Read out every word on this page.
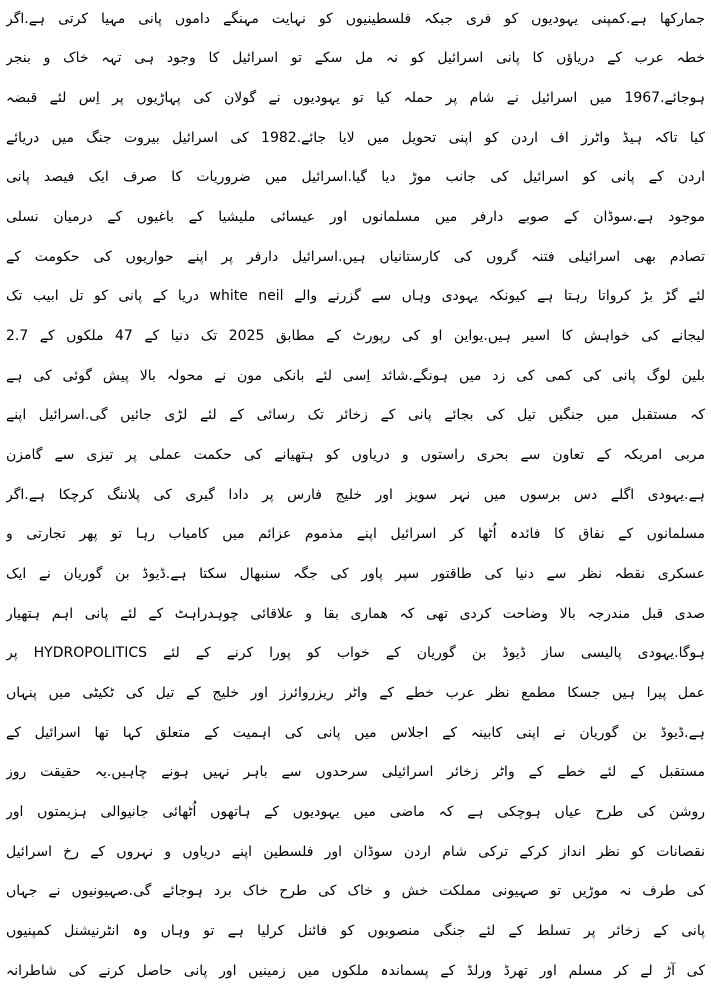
جمارکھا ہے.کمپنی یہودیوں کو فری جبکہ فلسطینیوں کو نہایت مہنگے داموں پانی مہیا کرتی ہے.اگر
خطہ عرب کے دریاؤں کا پانی اسرائیل کو نہ مل سکے تو اسرائیل کا وجود ہی تہہ خاک و بنجر
ہوجائے.1967 میں اسرائیل نے شام پر حملہ کیا تو یہودیوں نے گولان کی پہاڑیوں پر اِس لئے قبضہ
کیا تاکہ ہیڈ واٹرز اف اردن کو اپنی تحویل میں لایا جائے.1982 کی اسرائیل بیروت جنگ میں دریائے
اردن کے پانی کو اسرائیل کی جانب موڑ دیا گیا.اسرائیل میں ضروریات کا صرف ایک فیصد پانی
موجود ہے.سوڈان کے صوبے دارفر میں مسلمانوں اور عیسائی ملیشیا کے باغیوں کے درمیان نسلی
تصادم بھی اسرائیلی فتنہ گروں کی کارستانیاں ہیں.اسرائیل دارفر پر اپنے حواریوں کی حکومت کے
لئے گڑ بڑ کرواتا رہتا ہے کیونکہ یہودی وہاں سے گزرنے والے white neil دریا کے پانی کو تل ابیب تک
لیجانے کی خواہش کا اسیر ہیں.یواین او کی رپورٹ کے مطابق 2025 تک دنیا کے 47 ملکوں کے 2.7
بلین لوگ پانی کی کمی کی زد میں ہونگے.شائد اِسی لئے بانکی مون نے محولہ بالا پیش گوئی کی ہے
کہ مستقبل میں جنگیں تیل کی بجائے پانی کے زخائر تک رسائی کے لئے لڑی جائیں گی.اسرائیل اپنے
مربی امریکہ کے تعاون سے بحری راستوں و دریاوں کو ہتھیانے کی حکمت عملی پر تیزی سے گامزن
ہے.یہودی اگلے دس برسوں میں نہر سویز اور خلیج فارس پر دادا گیری کی پلاننگ کرچکا ہے.اگر
مسلمانوں کے نفاق کا فائدہ اُٹھا کر اسرائیل اپنے مذموم عزائم میں کامیاب رہا تو پھر تجارتی و
عسکری نقطہ نظر سے دنیا کی طاقتور سپر پاور کی جگہ سنبھال سکتا ہے.ڈیوڈ بن گوریان نے ایک
صدی قبل مندرجہ بالا وضاحت کردی تھی کہ ھماری بقا و علاقائی چوہدراہٹ کے لئے پانی اہم ہتھیار
ہوگا.یہودی پالیسی ساز ڈیوڈ بن گوریان کے خواب کو پورا کرنے کے لئے HYDROPOLITICS پر
عمل پیرا ہیں جسکا مطمع نظر عرب خطے کے واٹر ریزروائرز اور خلیج کے تیل کی ٹکیٹی میں پنہاں
ہے.ڈیوڈ بن گوریان نے اپنی کابینہ کے اجلاس میں پانی کی اہمیت کے متعلق کہا تھا اسرائیل کے
مستقبل کے لئے خطے کے واٹر زخائر اسرائیلی سرحدوں سے باہر نہیں ہونے چاہیں.یہ حقیقت روز
روشن کی طرح عیاں ہوچکی ہے کہ ماضی میں یہودیوں کے ہاتھوں اُٹھائی جانیوالی ہزیمتوں اور
نقصانات کو نظر انداز کرکے ترکی شام اردن سوڈان اور فلسطین اپنے دریاوں و نہروں کے رخ اسرائیل
کی طرف نہ موڑیں تو صہیونی مملکت خش و خاک کی طرح خاک برد ہوجائے گی.صہیونیوں نے جہاں
پانی کے زخائر پر تسلط کے لئے جنگی منصوبوں کو فائنل کرلیا ہے تو وہاں وہ انٹرنیشنل کمپنیوں
کی آڑ لے کر مسلم اور تھرڈ ورلڈ کے پسماندہ ملکوں میں زمینیں اور پانی حاصل کرنے کی شاطرانہ
